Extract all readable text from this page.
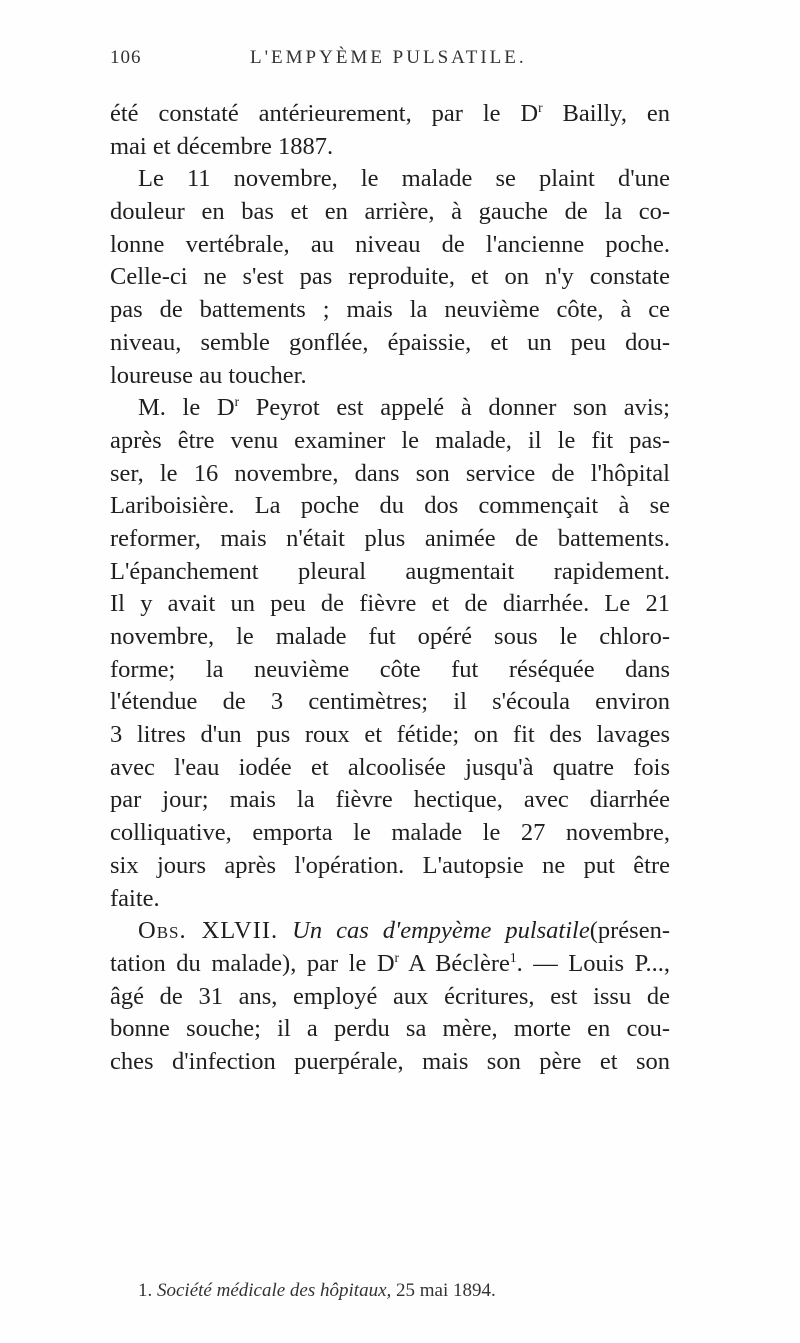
106	L'EMPYÈME PULSATILE.
été constaté antérieurement, par le $D^r$ Bailly, en
mai et décembre 1887.
Le 11 novembre, le malade se plaint d'une
douleur en bas et en arrière, à gauche de la co-
lonne vertébrale, au niveau de l'ancienne poche.
Celle-ci ne s'est pas reproduite, et on n'y constate
pas de battements ; mais la neuvième côte, à ce
niveau, semble gonflée, épaissie, et un peu dou-
loureuse au toucher.
M. le $D^r$ Peyrot est appelé à donner son avis;
après être venu examiner le malade, il le fit pas-
ser, le 16 novembre, dans son service de l'hôpital
Lariboisière. La poche du dos commençait à se
reformer, mais n'était plus animée de battements.
L'épanchement pleural augmentait rapidement.
Il y avait un peu de fièvre et de diarrhée. Le 21
novembre, le malade fut opéré sous le chloro-
forme; la neuvième côte fut réséquée dans
l'étendue de 3 centimètres; il s'écoula environ
3 litres d'un pus roux et fétide; on fit des lavages
avec l'eau iodée et alcoolisée jusqu'à quatre fois
par jour; mais la fièvre hectique, avec diarrhée
colliquative, emporta le malade le 27 novembre,
six jours après l'opération. L'autopsie ne put être
faite.
Obs. XLVII. Un cas d'empyème pulsatile(présen-
tation du malade), par le $D^r$ A Béclère$^1$. — Louis P...,
âgé de 31 ans, employé aux écritures, est issu de
bonne souche; il a perdu sa mère, morte en cou-
ches d'infection puerpérale, mais son père et son
1. Société médicale des hôpitaux, 25 mai 1894.
